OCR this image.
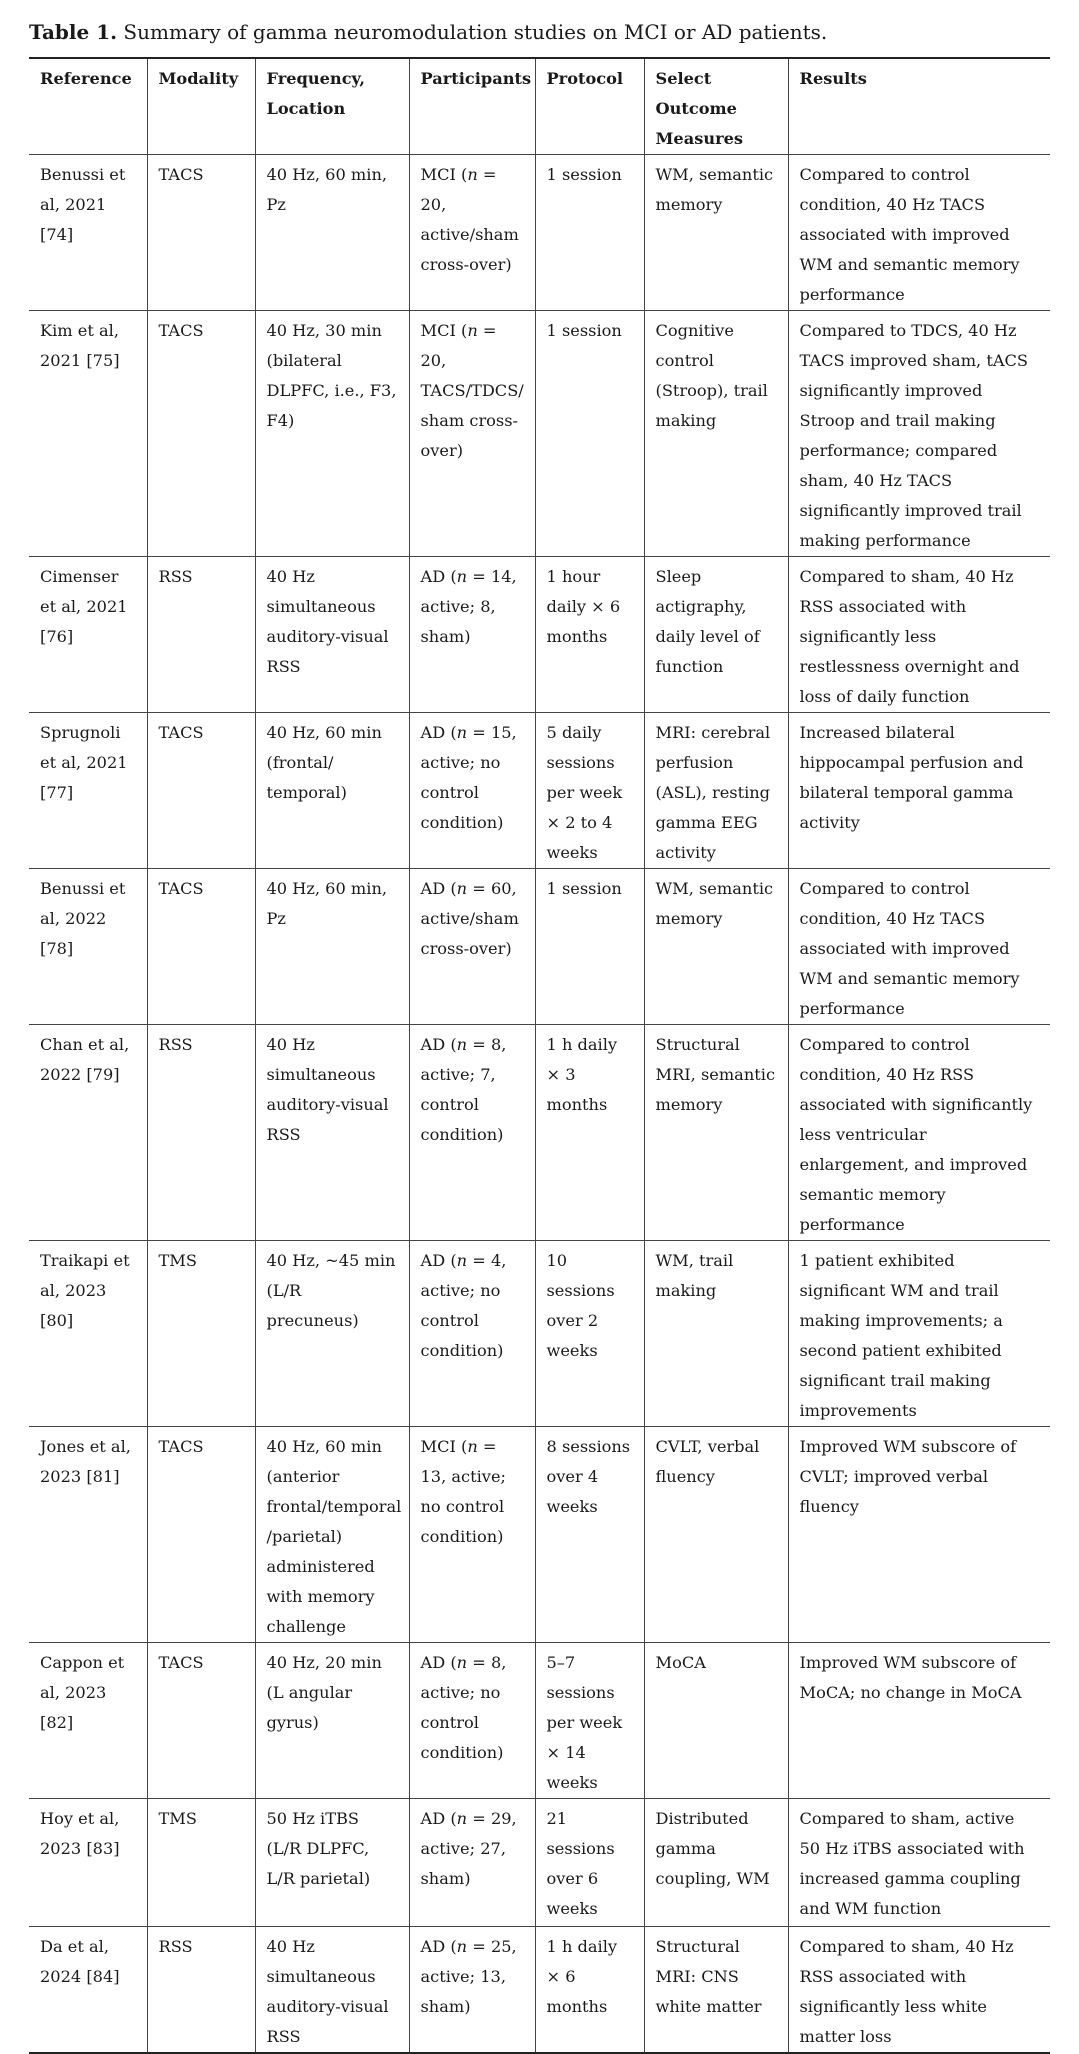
Table 1. Summary of gamma neuromodulation studies on MCI or AD patients.

Reference	Modality	Frequency, Location	Participants	Protocol	Select Outcome Measures	Results
Benussi et al, 2021 [74]	TACS	40 Hz, 60 min, Pz	MCI (n = 20, active/sham cross-over)	1 session	WM, semantic memory	Compared to control condition, 40 Hz TACS associated with improved WM and semantic memory performance
Kim et al, 2021 [75]	TACS	40 Hz, 30 min (bilateral DLPFC, i.e., F3, F4)	MCI (n = 20, TACS/TDCS/ sham cross-over)	1 session	Cognitive control (Stroop), trail making	Compared to TDCS, 40 Hz TACS improved sham, tACS significantly improved Stroop and trail making performance; compared sham, 40 Hz TACS significantly improved trail making performance
Cimenser et al, 2021 [76]	RSS	40 Hz simultaneous auditory-visual RSS	AD (n = 14, active; 8, sham)	1 hour daily × 6 months	Sleep actigraphy, daily level of function	Compared to sham, 40 Hz RSS associated with significantly less restlessness overnight and loss of daily function
Sprugnoli et al, 2021 [77]	TACS	40 Hz, 60 min (frontal/ temporal)	AD (n = 15, active; no control condition)	5 daily sessions per week × 2 to 4 weeks	MRI: cerebral perfusion (ASL), resting gamma EEG activity	Increased bilateral hippocampal perfusion and bilateral temporal gamma activity
Benussi et al, 2022 [78]	TACS	40 Hz, 60 min, Pz	AD (n = 60, active/sham cross-over)	1 session	WM, semantic memory	Compared to control condition, 40 Hz TACS associated with improved WM and semantic memory performance
Chan et al, 2022 [79]	RSS	40 Hz simultaneous auditory-visual RSS	AD (n = 8, active; 7, control condition)	1 h daily × 3 months	Structural MRI, semantic memory	Compared to control condition, 40 Hz RSS associated with significantly less ventricular enlargement, and improved semantic memory performance
Traikapi et al, 2023 [80]	TMS	40 Hz, ~45 min (L/R precuneus)	AD (n = 4, active; no control condition)	10 sessions over 2 weeks	WM, trail making	1 patient exhibited significant WM and trail making improvements; a second patient exhibited significant trail making improvements
Jones et al, 2023 [81]	TACS	40 Hz, 60 min (anterior frontal/temporal /parietal) administered with memory challenge	MCI (n = 13, active; no control condition)	8 sessions over 4 weeks	CVLT, verbal fluency	Improved WM subscore of CVLT; improved verbal fluency
Cappon et al, 2023 [82]	TACS	40 Hz, 20 min (L angular gyrus)	AD (n = 8, active; no control condition)	5–7 sessions per week × 14 weeks	MoCA	Improved WM subscore of MoCA; no change in MoCA
Hoy et al, 2023 [83]	TMS	50 Hz iTBS (L/R DLPFC, L/R parietal)	AD (n = 29, active; 27, sham)	21 sessions over 6 weeks	Distributed gamma coupling, WM	Compared to sham, active 50 Hz iTBS associated with increased gamma coupling and WM function
Da et al, 2024 [84]	RSS	40 Hz simultaneous auditory-visual RSS	AD (n = 25, active; 13, sham)	1 h daily × 6 months	Structural MRI: CNS white matter	Compared to sham, 40 Hz RSS associated with significantly less white matter loss
